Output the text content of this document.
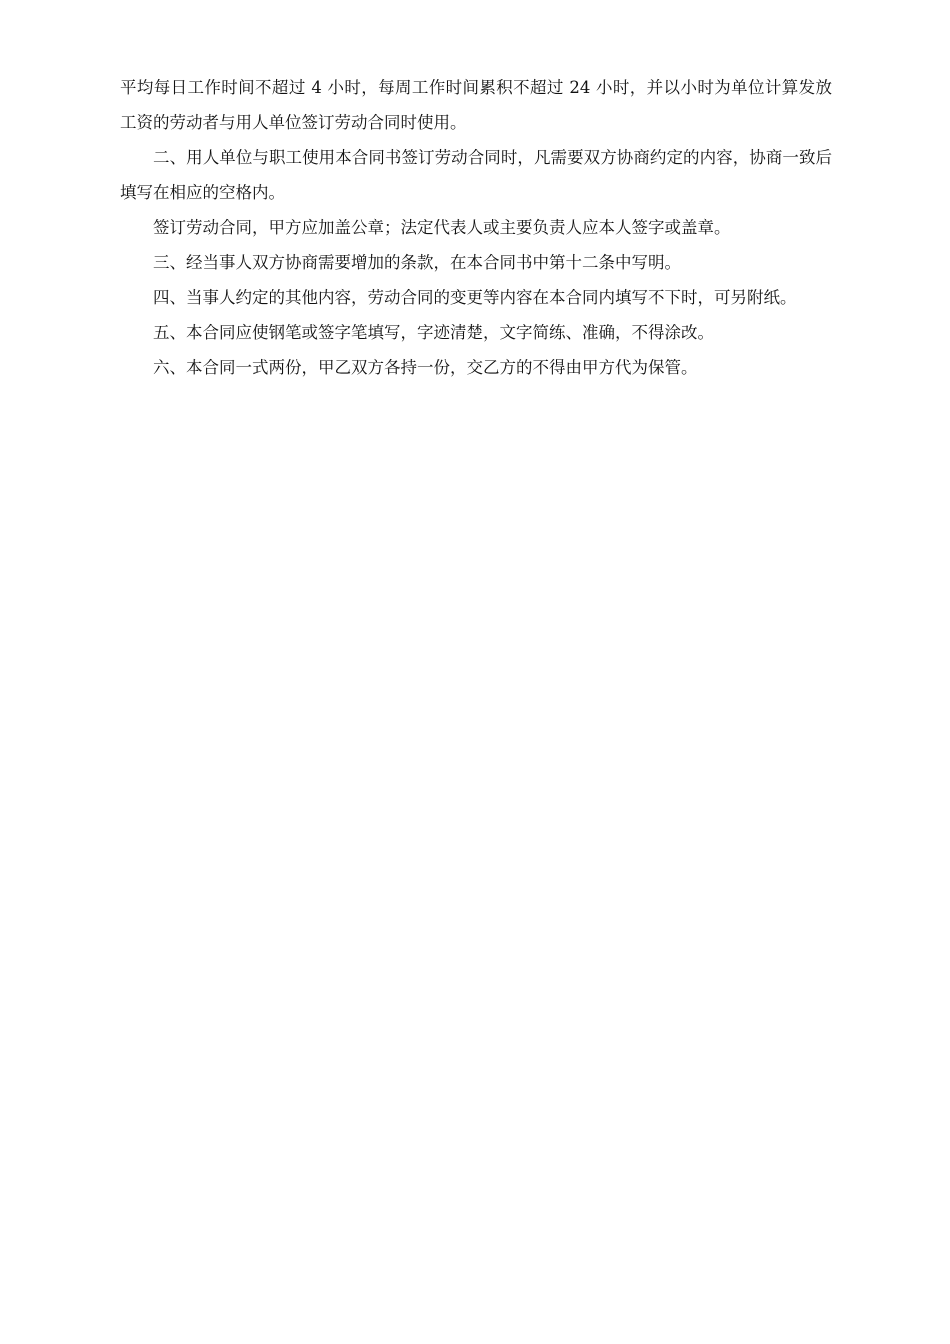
平均每日工作时间不超过 4 小时，每周工作时间累积不超过 24 小时，并以小时为单位计算发放工资的劳动者与用人单位签订劳动合同时使用。

二、用人单位与职工使用本合同书签订劳动合同时，凡需要双方协商约定的内容，协商一致后填写在相应的空格内。

签订劳动合同，甲方应加盖公章；法定代表人或主要负责人应本人签字或盖章。

三、经当事人双方协商需要增加的条款，在本合同书中第十二条中写明。

四、当事人约定的其他内容，劳动合同的变更等内容在本合同内填写不下时，可另附纸。

五、本合同应使钢笔或签字笔填写，字迹清楚，文字简练、准确，不得涂改。

六、本合同一式两份，甲乙双方各持一份，交乙方的不得由甲方代为保管。
